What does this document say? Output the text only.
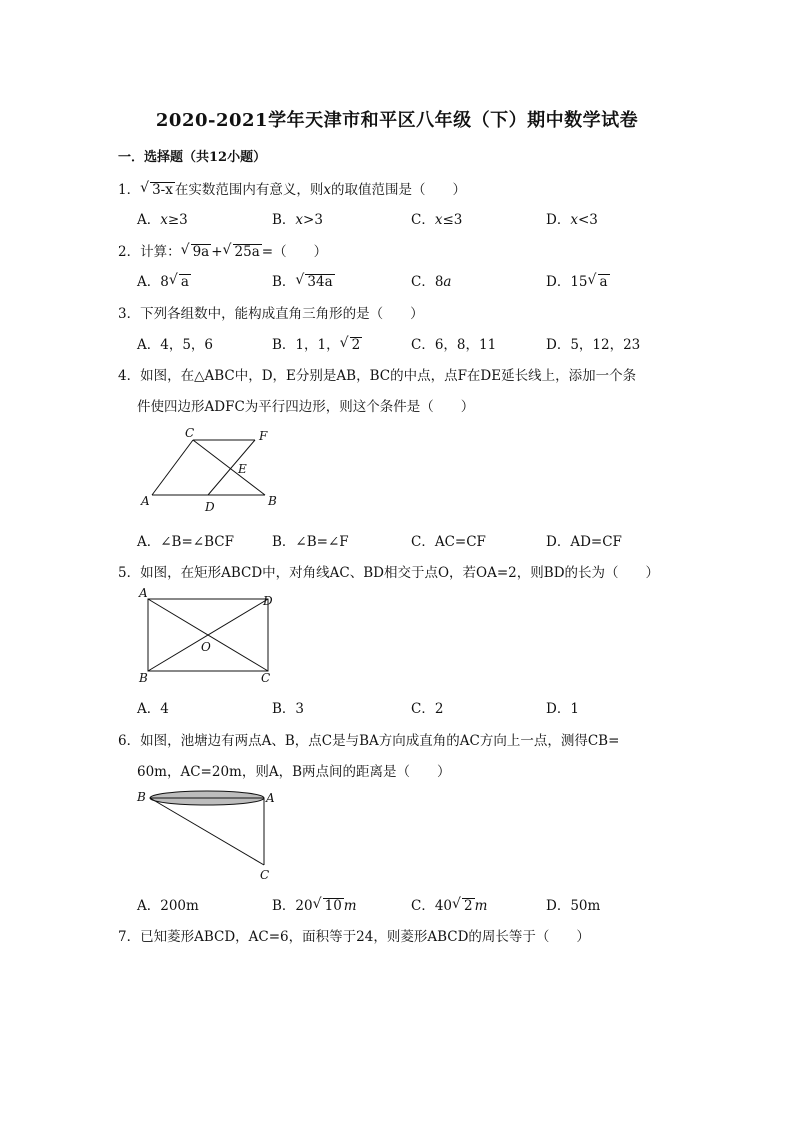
2020-2021学年天津市和平区八年级（下）期中数学试卷
一．选择题（共12小题）
1． √ 3-x 在实数范围内有意义，则x的取值范围是（　　）
A．x≥3	B．x>3	C．x≤3	D．x<3
2．计算： √ 9a + √ 25a =（　　）
A．8 √ a	B． √ 34a	C．8a	D．15 √ a
3．下列各组数中，能构成直角三角形的是（　　）
A．4，5，6	B．1，1， √ 2	C．6，8，11	D．5，12，23
4．如图，在△ABC中，D，E分别是AB，BC的中点，点F在DE延长线上，添加一个条
件使四边形ADFC为平行四边形，则这个条件是（　　）
C	F
E
A	D	B
A．∠B=∠BCF	B．∠B=∠F	C．AC=CF	D．AD=CF
5．如图，在矩形ABCD中，对角线AC、BD相交于点O，若OA=2，则BD的长为（　　）
A
D
O
B	C
A．4	B．3	C．2	D．1
6．如图，池塘边有两点A、B，点C是与BA方向成直角的AC方向上一点，测得CB=
60m，AC=20m，则A，B两点间的距离是（　　）
B	A
C
A．200m	B．20 √ 10 m	C．40 √ 2 m	D．50m
7．已知菱形ABCD，AC=6，面积等于24，则菱形ABCD的周长等于（　　）
